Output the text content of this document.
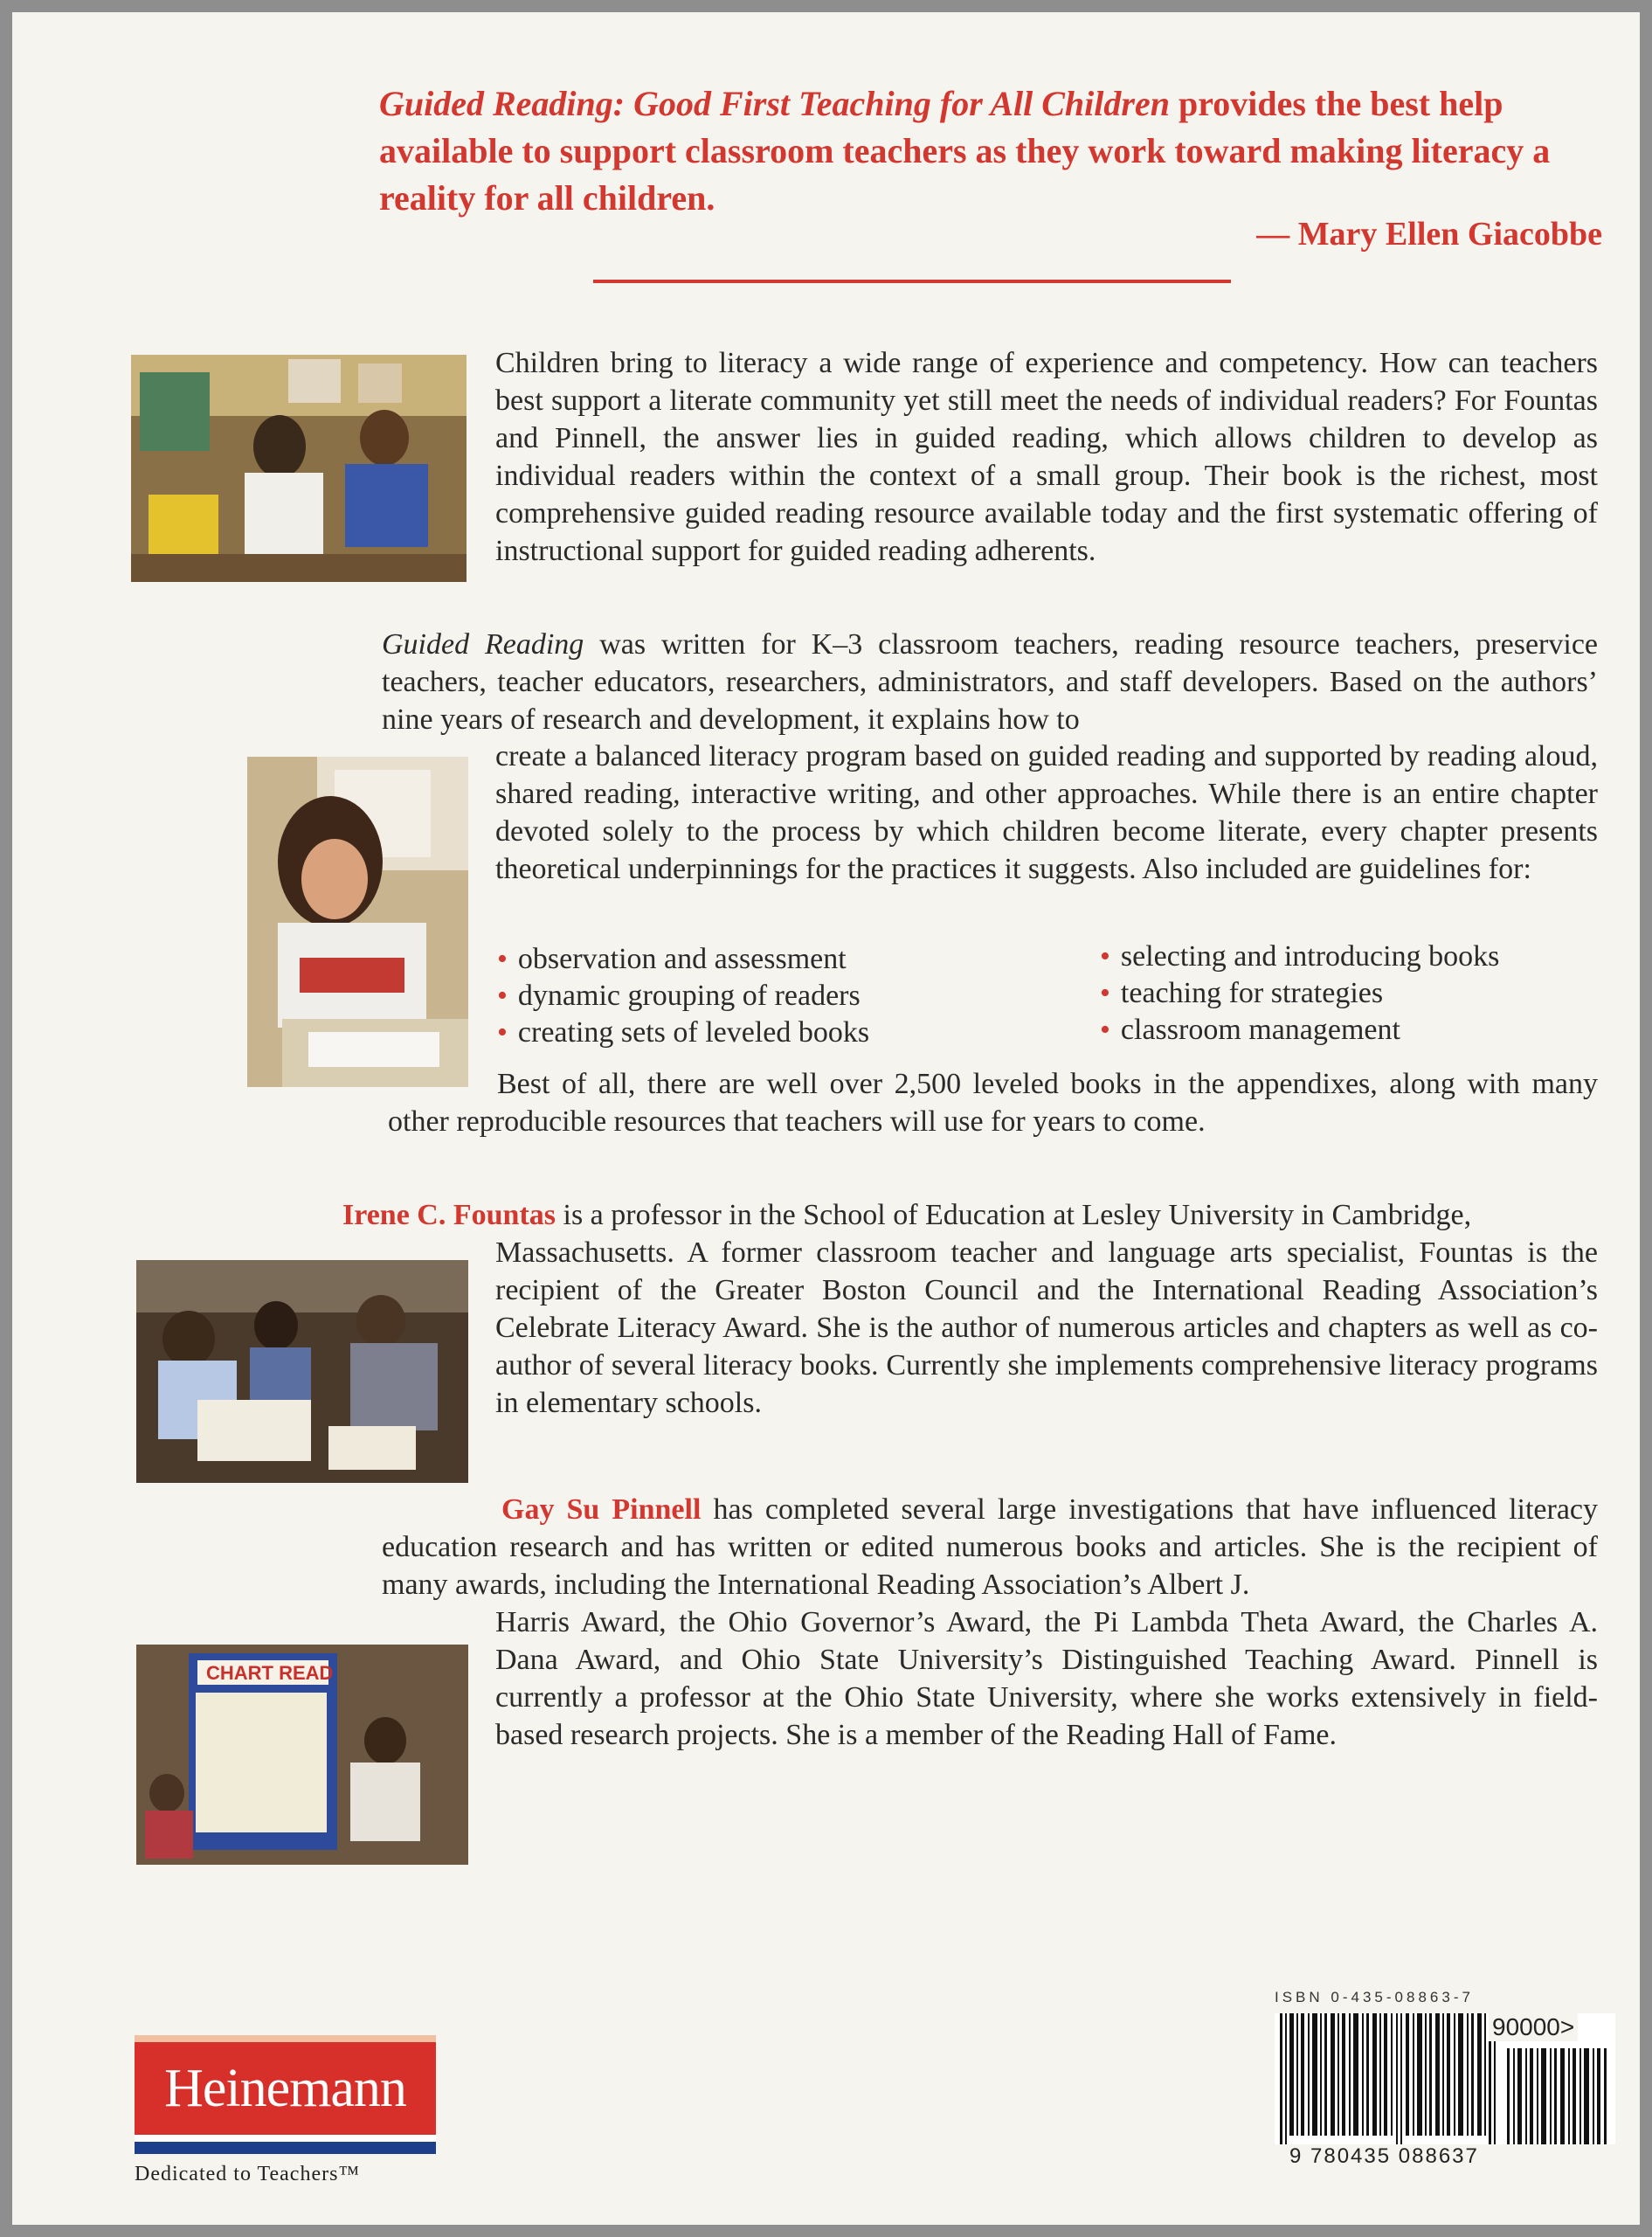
Guided Reading: Good First Teaching for All Children provides the best help available to support classroom teachers as they work toward making literacy a reality for all children.
— Mary Ellen Giacobbe
Children bring to literacy a wide range of experience and competency. How can teachers best support a literate community yet still meet the needs of individual readers? For Fountas and Pinnell, the answer lies in guided reading, which allows children to develop as individual readers within the context of a small group. Their book is the richest, most comprehensive guided reading resource available today and the first systematic offering of instructional support for guided reading adherents.
Guided Reading was written for K–3 classroom teachers, reading resource teachers, preservice teachers, teacher educators, researchers, administrators, and staff developers. Based on the authors’ nine years of research and development, it explains how to
create a balanced literacy program based on guided reading and supported by reading aloud, shared reading, interactive writing, and other approaches. While there is an entire chapter devoted solely to the process by which children become literate, every chapter presents theoretical underpinnings for the practices it suggests. Also included are guidelines for:
• observation and assessment
• dynamic grouping of readers
• creating sets of leveled books
• selecting and introducing books
• teaching for strategies
• classroom management
Best of all, there are well over 2,500 leveled books in the appendixes, along with many other reproducible resources that teachers will use for years to come.
Irene C. Fountas is a professor in the School of Education at Lesley University in Cambridge,
Massachusetts. A former classroom teacher and language arts specialist, Fountas is the recipient of the Greater Boston Council and the International Reading Association’s Celebrate Literacy Award. She is the author of numerous articles and chapters as well as co-author of several literacy books. Currently she implements comprehensive literacy programs in elementary schools.
Gay Su Pinnell has completed several large investigations that have influenced literacy education research and has written or edited numerous books and articles. She is the recipient of many awards, including the International Reading Association’s Albert J.
CHART READ
Harris Award, the Ohio Governor’s Award, the Pi Lambda Theta Award, the Charles A. Dana Award, and Ohio State University’s Distinguished Teaching Award. Pinnell is currently a professor at the Ohio State University, where she works extensively in field-based research projects. She is a member of the Reading Hall of Fame.
Heinemann
Dedicated to Teachers™
ISBN 0-435-08863-7
90000>
9 780435 088637
